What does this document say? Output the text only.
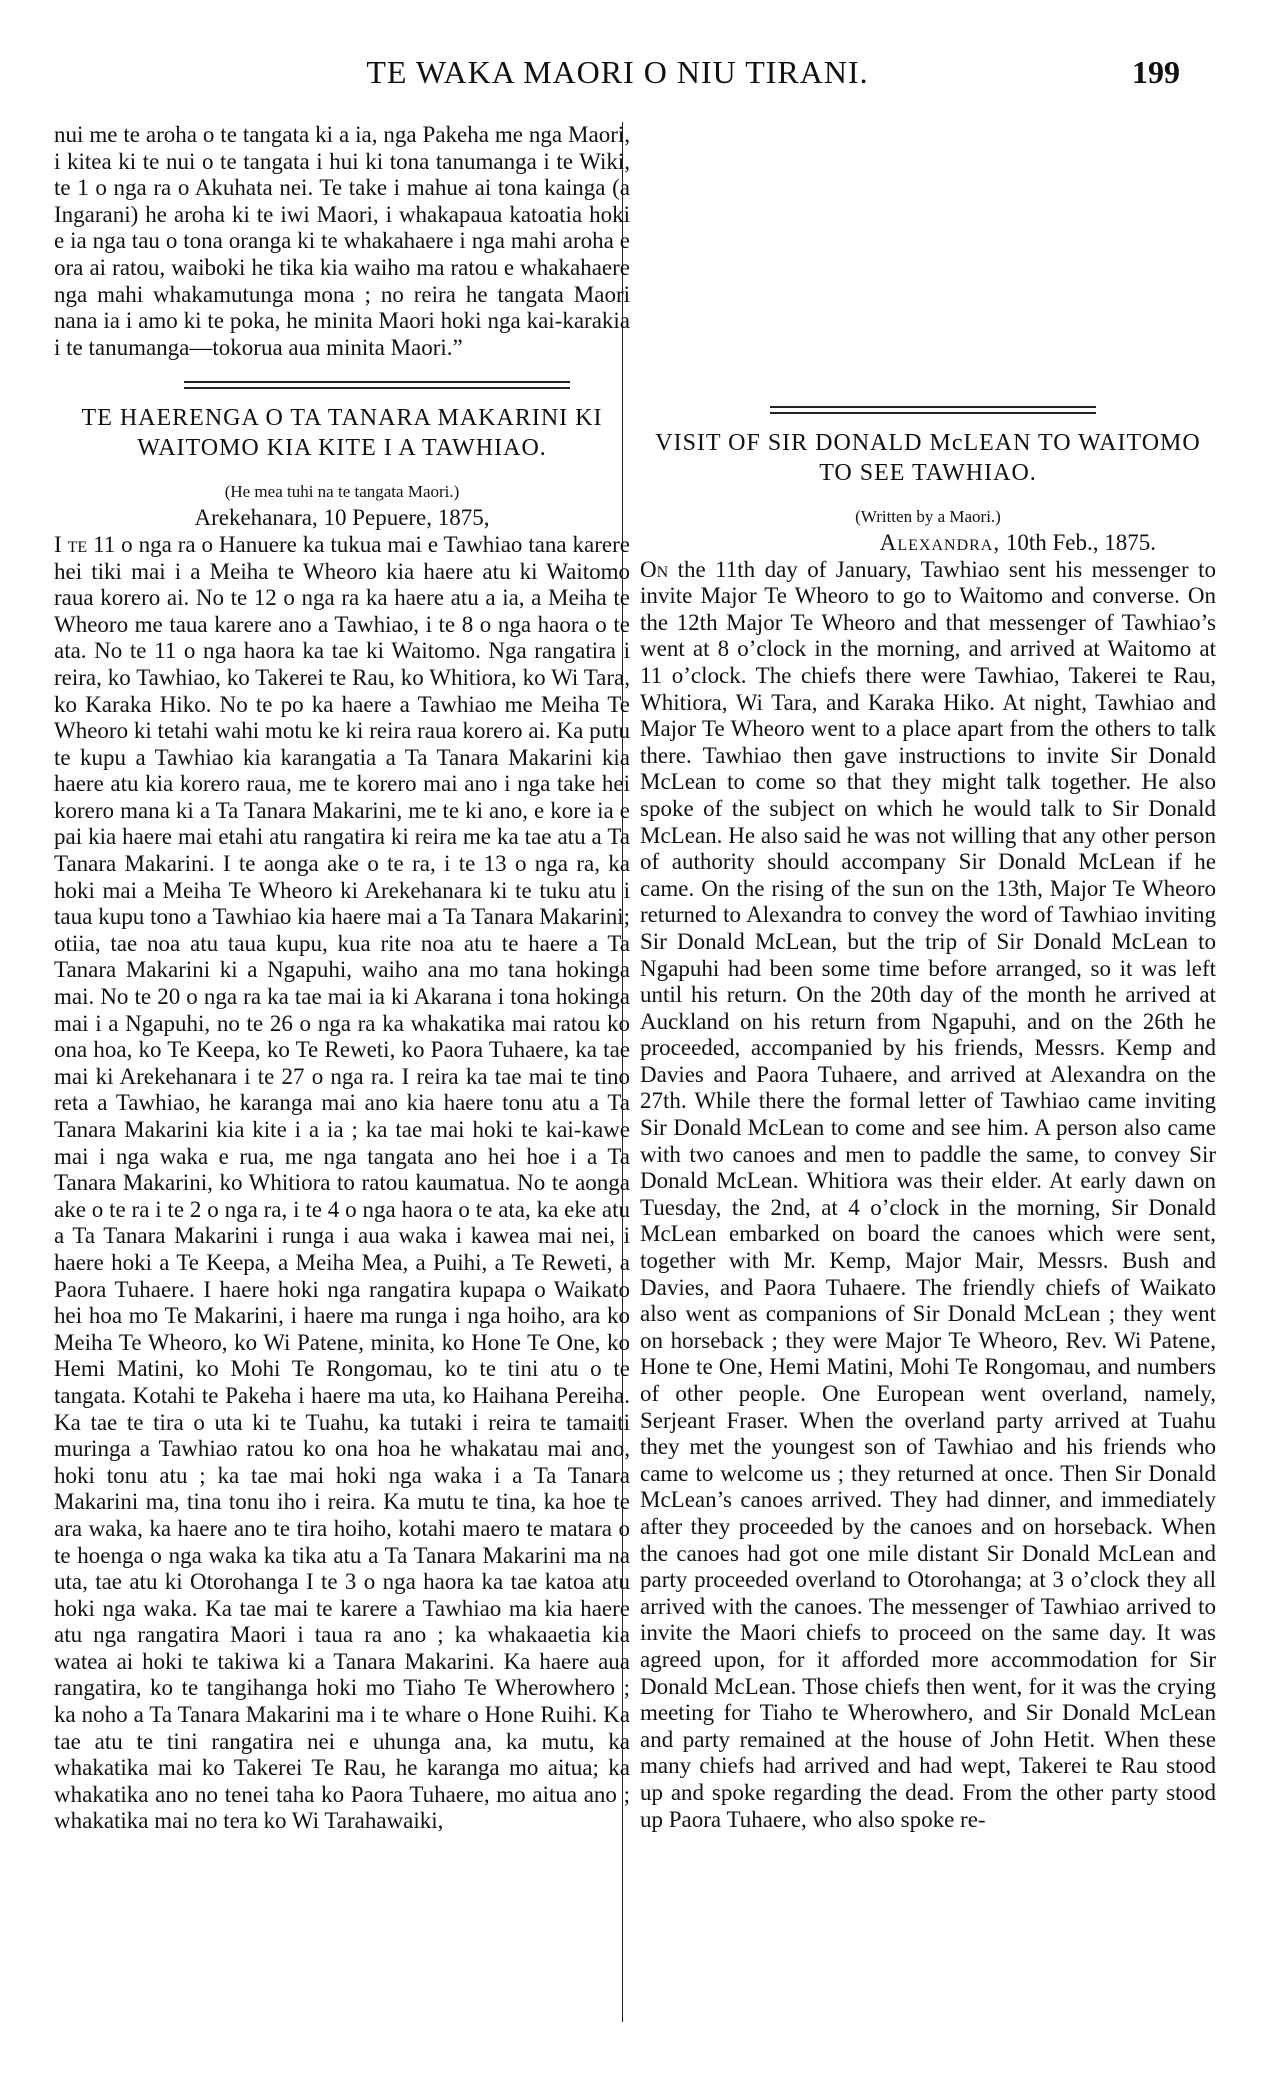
TE WAKA MAORI O NIU TIRANI.	199

nui me te aroha o te tangata ki a ia, nga Pakeha me nga Maori, i kitea ki te nui o te tangata i hui ki tona tanumanga i te Wiki, te 1 o nga ra o Akuhata nei. Te take i mahue ai tona kainga (a Ingarani) he aroha ki te iwi Maori, i whakapaua katoatia hoki e ia nga tau o tona oranga ki te whakahaere i nga mahi aroha e ora ai ratou, waiboki he tika kia waiho ma ratou e whakahaere nga mahi whakamutunga mona ; no reira he tangata Maori nana ia i amo ki te poka, he minita Maori hoki nga kai-karakia i te tanumanga—tokorua aua minita Maori.”

TE HAERENGA O TA TANARA MAKARINI KI WAITOMO KIA KITE I A TAWHIAO.
(He mea tuhi na te tangata Maori.)
Arekehanara, 10 Pepuere, 1875,

I te 11 o nga ra o Hanuere ka tukua mai e Tawhiao tana karere hei tiki mai i a Meiha te Wheoro kia haere atu ki Waitomo raua korero ai. No te 12 o nga ra ka haere atu a ia, a Meiha te Wheoro me taua karere ano a Tawhiao, i te 8 o nga haora o te ata. No te 11 o nga haora ka tae ki Waitomo. Nga rangatira i reira, ko Tawhiao, ko Takerei te Rau, ko Whitiora, ko Wi Tara, ko Karaka Hiko. No te po ka haere a Tawhiao me Meiha Te Wheoro ki tetahi wahi motu ke ki reira raua korero ai. Ka putu te kupu a Tawhiao kia karangatia a Ta Tanara Makarini kia haere atu kia korero raua, me te korero mai ano i nga take hei korero mana ki a Ta Tanara Makarini, me te ki ano, e kore ia e pai kia haere mai etahi atu rangatira ki reira me ka tae atu a Ta Tanara Makarini. I te aonga ake o te ra, i te 13 o nga ra, ka hoki mai a Meiha Te Wheoro ki Arekehanara ki te tuku atu i taua kupu tono a Tawhiao kia haere mai a Ta Tanara Makarini; otiia, tae noa atu taua kupu, kua rite noa atu te haere a Ta Tanara Makarini ki a Ngapuhi, waiho ana mo tana hokinga mai. No te 20 o nga ra ka tae mai ia ki Akarana i tona hokinga mai i a Ngapuhi, no te 26 o nga ra ka whakatika mai ratou ko ona hoa, ko Te Keepa, ko Te Reweti, ko Paora Tuhaere, ka tae mai ki Arekehanara i te 27 o nga ra. I reira ka tae mai te tino reta a Tawhiao, he karanga mai ano kia haere tonu atu a Ta Tanara Makarini kia kite i a ia ; ka tae mai hoki te kai-kawe mai i nga waka e rua, me nga tangata ano hei hoe i a Ta Tanara Makarini, ko Whitiora to ratou kaumatua. No te aonga ake o te ra i te 2 o nga ra, i te 4 o nga haora o te ata, ka eke atu a Ta Tanara Makarini i runga i aua waka i kawea mai nei, i haere hoki a Te Keepa, a Meiha Mea, a Puihi, a Te Reweti, a Paora Tuhaere. I haere hoki nga rangatira kupapa o Waikato hei hoa mo Te Makarini, i haere ma runga i nga hoiho, ara ko Meiha Te Wheoro, ko Wi Patene, minita, ko Hone Te One, ko Hemi Matini, ko Mohi Te Rongomau, ko te tini atu o te tangata. Kotahi te Pakeha i haere ma uta, ko Haihana Pereiha. Ka tae te tira o uta ki te Tuahu, ka tutaki i reira te tamaiti muringa a Tawhiao ratou ko ona hoa he whakatau mai ano, hoki tonu atu ; ka tae mai hoki nga waka i a Ta Tanara Makarini ma, tina tonu iho i reira. Ka mutu te tina, ka hoe te ara waka, ka haere ano te tira hoiho, kotahi maero te matara o te hoenga o nga waka ka tika atu a Ta Tanara Makarini ma na uta, tae atu ki Otorohanga I te 3 o nga haora ka tae katoa atu hoki nga waka. Ka tae mai te karere a Tawhiao ma kia haere atu nga rangatira Maori i taua ra ano ; ka whakaaetia kia watea ai hoki te takiwa ki a Tanara Makarini. Ka haere aua rangatira, ko te tangihanga hoki mo Tiaho Te Wherowhero ; ka noho a Ta Tanara Makarini ma i te whare o Hone Ruihi. Ka tae atu te tini rangatira nei e uhunga ana, ka mutu, ka whakatika mai ko Takerei Te Rau, he karanga mo aitua; ka whakatika ano no tenei taha ko Paora Tuhaere, mo aitua ano ; whakatika mai no tera ko Wi Tarahawaiki,

VISIT OF SIR DONALD McLEAN TO WAITOMO TO SEE TAWHIAO.
(Written by a Maori.)
Alexandra, 10th Feb., 1875.

On the 11th day of January, Tawhiao sent his messenger to invite Major Te Wheoro to go to Waitomo and converse. On the 12th Major Te Wheoro and that messenger of Tawhiao’s went at 8 o’clock in the morning, and arrived at Waitomo at 11 o’clock. The chiefs there were Tawhiao, Takerei te Rau, Whitiora, Wi Tara, and Karaka Hiko. At night, Tawhiao and Major Te Wheoro went to a place apart from the others to talk there. Tawhiao then gave instructions to invite Sir Donald McLean to come so that they might talk together. He also spoke of the subject on which he would talk to Sir Donald McLean. He also said he was not willing that any other person of authority should accompany Sir Donald McLean if he came. On the rising of the sun on the 13th, Major Te Wheoro returned to Alexandra to convey the word of Tawhiao inviting Sir Donald McLean, but the trip of Sir Donald McLean to Ngapuhi had been some time before arranged, so it was left until his return. On the 20th day of the month he arrived at Auckland on his return from Ngapuhi, and on the 26th he proceeded, accompanied by his friends, Messrs. Kemp and Davies and Paora Tuhaere, and arrived at Alexandra on the 27th. While there the formal letter of Tawhiao came inviting Sir Donald McLean to come and see him. A person also came with two canoes and men to paddle the same, to convey Sir Donald McLean. Whitiora was their elder. At early dawn on Tuesday, the 2nd, at 4 o’clock in the morning, Sir Donald McLean embarked on board the canoes which were sent, together with Mr. Kemp, Major Mair, Messrs. Bush and Davies, and Paora Tuhaere. The friendly chiefs of Waikato also went as companions of Sir Donald McLean ; they went on horseback ; they were Major Te Wheoro, Rev. Wi Patene, Hone te One, Hemi Matini, Mohi Te Rongomau, and numbers of other people. One European went overland, namely, Serjeant Fraser. When the overland party arrived at Tuahu they met the youngest son of Tawhiao and his friends who came to welcome us ; they returned at once. Then Sir Donald McLean’s canoes arrived. They had dinner, and immediately after they proceeded by the canoes and on horseback. When the canoes had got one mile distant Sir Donald McLean and party proceeded overland to Otorohanga; at 3 o’clock they all arrived with the canoes. The messenger of Tawhiao arrived to invite the Maori chiefs to proceed on the same day. It was agreed upon, for it afforded more accommodation for Sir Donald McLean. Those chiefs then went, for it was the crying meeting for Tiaho te Wherowhero, and Sir Donald McLean and party remained at the house of John Hetit. When these many chiefs had arrived and had wept, Takerei te Rau stood up and spoke regarding the dead. From the other party stood up Paora Tuhaere, who also spoke re-
